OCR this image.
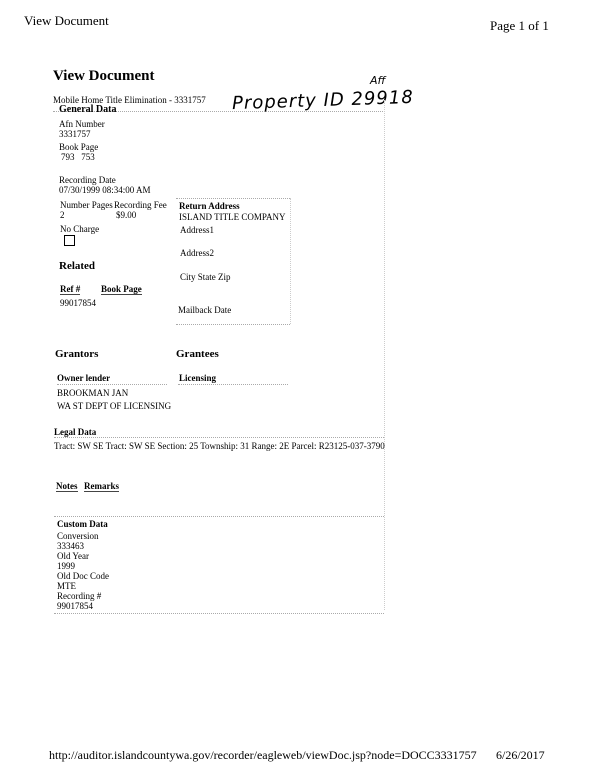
View Document	Page 1 of 1
View Document
Mobile Home Title Elimination - 3331757
Aff
Property ID 29918
General Data
Afn Number
3331757
Book Page
793   753
Recording Date
07/30/1999 08:34:00 AM
Number Pages
2
Recording Fee
$9.00
No Charge
Return Address
ISLAND TITLE COMPANY
Address1
Address2
City State Zip
Mailback Date
Related
Ref # Book Page
99017854
Grantors	Grantees
Owner lender	Licensing
BROOKMAN JAN
WA ST DEPT OF LICENSING
Legal Data
Tract: SW SE Tract: SW SE Section: 25 Township: 31 Range: 2E Parcel: R23125-037-3790
Notes Remarks
Custom Data
Conversion
333463
Old Year
1999
Old Doc Code
MTE
Recording #
99017854
http://auditor.islandcountywa.gov/recorder/eagleweb/viewDoc.jsp?node=DOCC3331757 6/26/2017
